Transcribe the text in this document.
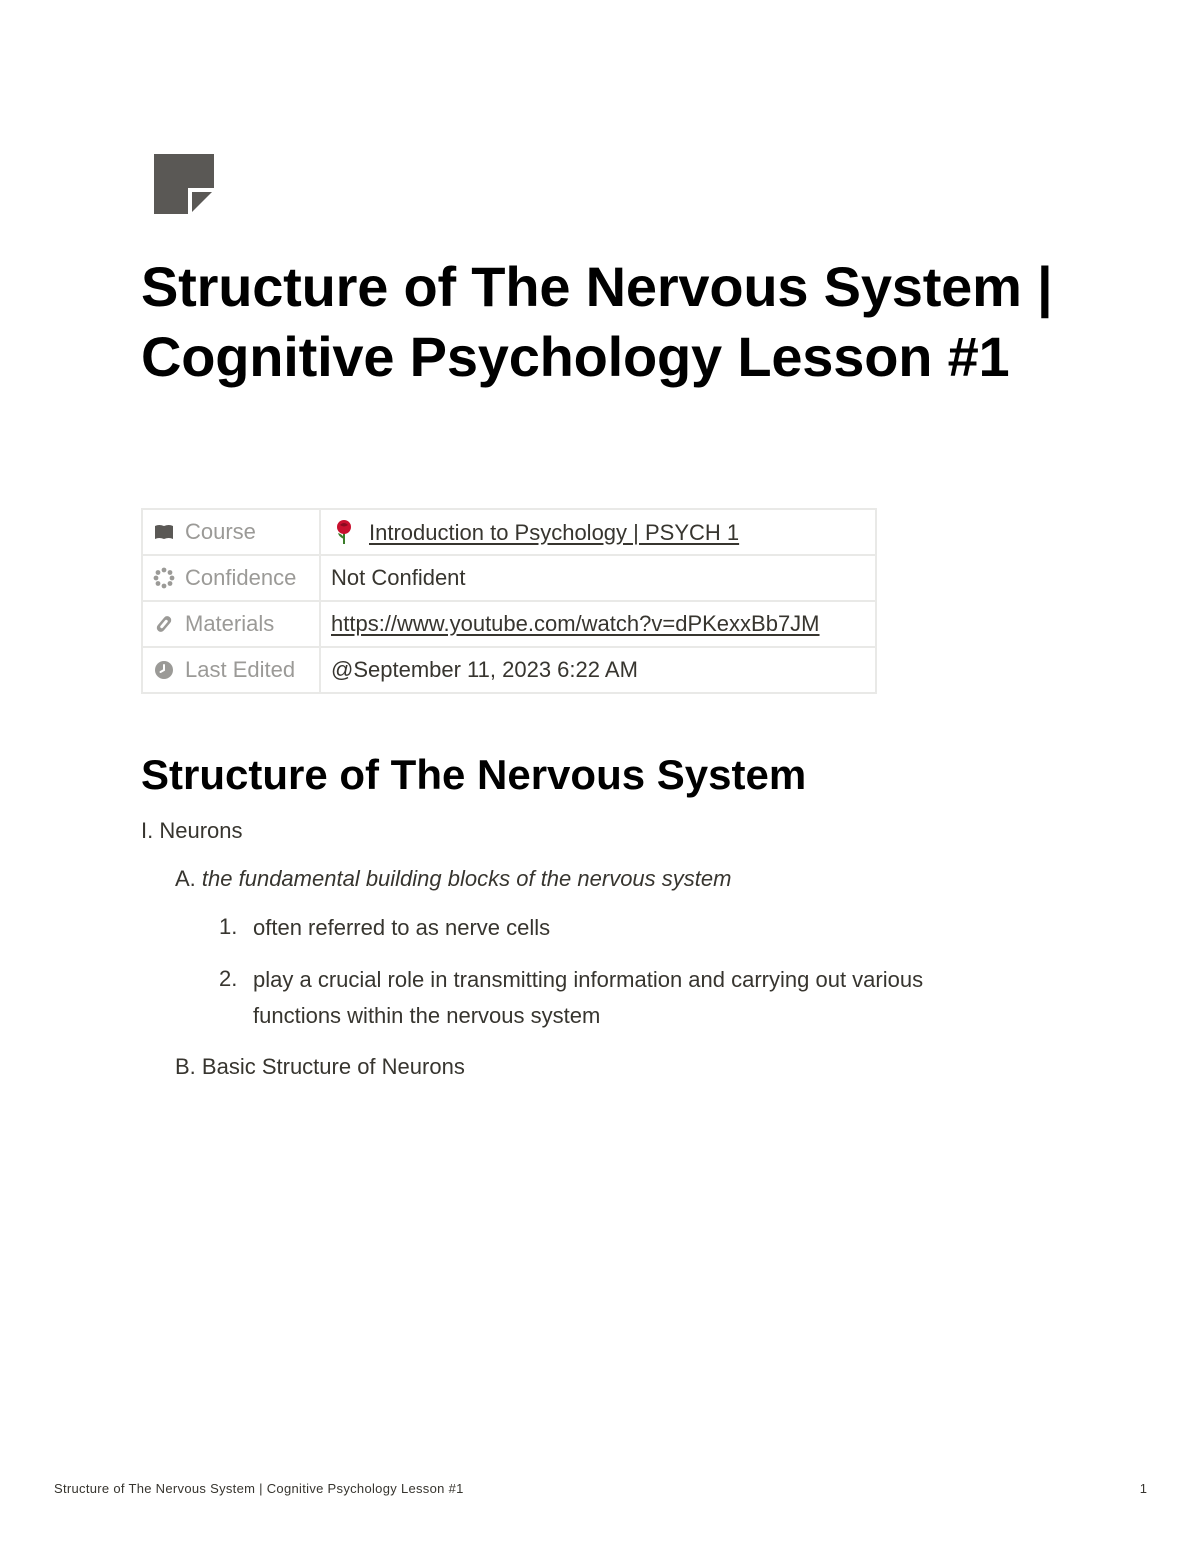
Structure of The Nervous System | Cognitive Psychology Lesson #1
Course	Introduction to Psychology | PSYCH 1

Confidence	Not Confident

Materials	https://www.youtube.com/watch?v=dPKexxBb7JM

Last Edited	@September 11, 2023 6:22 AM
Structure of The Nervous System
I. Neurons
A. the fundamental building blocks of the nervous system
1. often referred to as nerve cells
2. play a crucial role in transmitting information and carrying out various functions within the nervous system
B. Basic Structure of Neurons
Structure of The Nervous System | Cognitive Psychology Lesson #1	1
